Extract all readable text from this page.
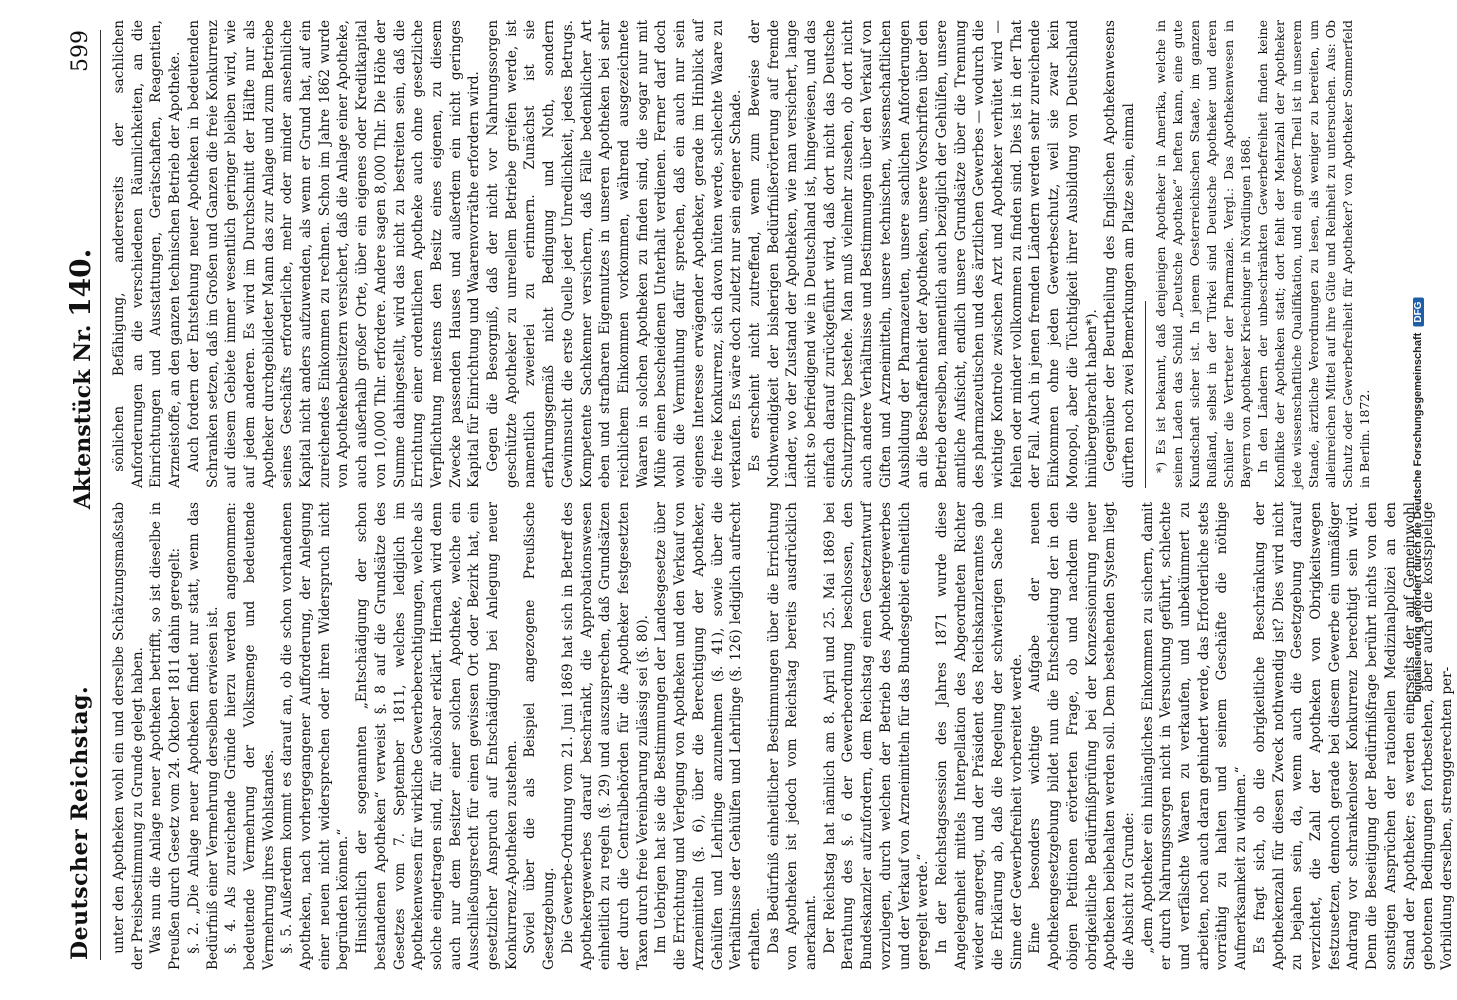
Deutscher Reichstag.
Aktenstück Nr. 140.
599

unter den Apotheken wohl ein und derselbe Schätzungsmaßstab der Preisbestimmung zu Grunde gelegt haben. Was nun die Anlage neuer Apotheken betrifft, so ist dieselbe in Preußen durch Gesetz vom 24. Oktober 1811 dahin geregelt: §. 2. „Die Anlage neuer Apotheken findet nur statt, wenn das Bedürfniß einer Vermehrung derselben erwiesen ist. §. 4. Als zureichende Gründe hierzu werden angenommen: bedeutende Vermehrung der Volksmenge und bedeutende Vermehrung ihres Wohlstandes. §. 5. Außerdem kommt es darauf an, ob die schon vorhandenen Apotheken, nach vorhergegangener Aufforderung, der Anlegung einer neuen nicht widersprechen oder ihren Widerspruch nicht begründen können.“ Hinsichtlich der sogenannten „Entschädigung der schon bestandenen Apotheken“ verweist §. 8 auf die Grundsätze des Gesetzes vom 7. September 1811, welches lediglich im Apothekenwesen für wirkliche Gewerbeberechtigungen, welche als solche eingetragen sind, für ablösbar erklärt. Hiernach wird denn auch nur dem Besitzer einer solchen Apotheke, welche ein Ausschließungsrecht für einen gewissen Ort oder Bezirk hat, ein gesetzlicher Anspruch auf Entschädigung bei Anlegung neuer Konkurrenz-Apotheken zustehen. Soviel über die als Beispiel angezogene Preußische Gesetzgebung. Die Gewerbe-Ordnung vom 21. Juni 1869 hat sich in Betreff des Apothekergewerbes darauf beschränkt, die Approbationswesen einheitlich zu regeln (§. 29) und auszusprechen, daß Grundsätzen der durch die Centralbehörden für die Apotheker festgesetzten Taxen durch freie Vereinbarung zulässig sei (§. 80). Im Uebrigen hat sie die Bestimmungen der Landesgesetze über die Errichtung und Verlegung von Apotheken und den Verkauf von Arzneimitteln (§. 6), über die Berechtigung der Apotheker, Gehülfen und Lehrlinge anzunehmen (§. 41), sowie über die Verhältnisse der Gehülfen und Lehrlinge (§. 126) lediglich aufrecht erhalten. Das Bedürfniß einheitlicher Bestimmungen über die Errichtung von Apotheken ist jedoch vom Reichstag bereits ausdrücklich anerkannt. Der Reichstag hat nämlich am 8. April und 25. Mai 1869 bei Berathung des §. 6 der Gewerbeordnung beschlossen, den Bundeskanzler aufzufordern, dem Reichstag einen Gesetzentwurf vorzulegen, durch welchen der Betrieb des Apothekergewerbes und der Verkauf von Arzneimitteln für das Bundesgebiet einheitlich geregelt werde.“ In der Reichstagssession des Jahres 1871 wurde diese Angelegenheit mittels Interpellation des Abgeordneten Richter wieder angeregt, und der Präsident des Reichskanzleramtes gab die Erklärung ab, daß die Regelung der schwierigen Sache im Sinne der Gewerbefreiheit vorbereitet werde. Eine besonders wichtige Aufgabe der neuen Apothekengesetzgebung bildet nun die Entscheidung der in den obigen Petitionen erörterten Frage, ob und nachdem die obrigkeitliche Bedürfnißprüfung bei der Konzessionirung neuer Apotheken beibehalten werden soll. Dem bestehenden System liegt die Absicht zu Grunde: „dem Apotheker ein hinlängliches Einkommen zu sichern, damit er durch Nahrungssorgen nicht in Versuchung geführt, schlechte und verfälschte Waaren zu verkaufen, und unbekümmert zu arbeiten, noch auch daran gehindert werde, das Erforderliche stets vorräthig zu halten und seinem Geschäfte die nöthige Aufmerksamkeit zu widmen.“ Es fragt sich, ob die obrigkeitliche Beschränkung der Apothekenzahl für diesen Zweck nothwendig ist? Dies wird nicht zu bejahen sein, da, wenn auch die Gesetzgebung darauf verzichtet, die Zahl der Apotheken von Obrigkeitswegen festzusetzen, dennoch gerade bei diesem Gewerbe ein unmäßiger Andrang vor schrankenloser Konkurrenz berechtigt sein wird. Denn die Beseitigung der Bedürfnißfrage berührt nichts von den sonstigen Ansprüchen der rationellen Medizinalpolizei an den Stand der Apotheker; es werden einerseits der auf Gemeinwohl gebotenen Bedingungen fortbestehen, aber auch die kostspielige Vorbildung derselben, strenggerechten per-

sönlichen Befähigung, andererseits der sachlichen Anforderungen an die verschiedenen Räumlichkeiten, an die Einrichtungen und Ausstattungen, Gerätschaften, Reagentien, Arzneistoffe, an den ganzen technischen Betrieb der Apotheke. Auch fordern der Entstehung neuer Apotheken in bedeutenden Schranken setzen, daß im Großen und Ganzen die freie Konkurrenz auf diesem Gebiete immer wesentlich geringer bleiben wird, wie auf jedem anderen. Es wird im Durchschnitt der Hälfte nur als Apotheker durchgebildeter Mann das zur Anlage und zum Betriebe seines Geschäfts erforderliche, mehr oder minder ansehnliche Kapital nicht anders aufzuwenden, als wenn er Grund hat, auf ein zureichendes Einkommen zu rechnen. Schon im Jahre 1862 wurde von Apothekenbesitzern versichert, daß die Anlage einer Apotheke, auch außerhalb großer Orte, über ein eigenes oder Kreditkapital von 10,000 Thlr. erfordere. Andere sagen 8,000 Thlr. Die Höhe der Summe dahingestellt, wird das nicht zu bestreiten sein, daß die Errichtung einer ordentlichen Apotheke auch ohne gesetzliche Verpflichtung meistens den Besitz eines eigenen, zu diesem Zwecke passenden Hauses und außerdem ein nicht geringes Kapital für Einrichtung und Waarenvorräthe erfordern wird. Gegen die Besorgniß, daß der nicht vor Nahrungssorgen geschützte Apotheker zu unreellem Betriebe greifen werde, ist namentlich zweierlei zu erinnern. Zunächst ist sie erfahrungsgemäß nicht Bedingung und Noth, sondern Gewinnsucht die erste Quelle jeder Unredlichkeit, jedes Betrugs. Kompetente Sachkenner versichern, daß Fälle bedenklicher Art eben und strafbaren Eigennutzes in unseren Apotheken bei sehr reichlichem Einkommen vorkommen, während ausgezeichnete Waaren in solchen Apotheken zu finden sind, die sogar nur mit Mühe einen bescheidenen Unterhalt verdienen. Ferner darf doch wohl die Vermuthung dafür sprechen, daß ein auch nur sein eigenes Interesse erwägender Apotheker, gerade im Hinblick auf die freie Konkurrenz, sich davon hüten werde, schlechte Waare zu verkaufen. Es wäre doch zuletzt nur sein eigener Schade. Es erscheint nicht zutreffend, wenn zum Beweise der Nothwendigkeit der bisherigen Bedürfnißerörterung auf fremde Länder, wo der Zustand der Apotheken, wie man versichert, lange nicht so befriedigend wie in Deutschland ist, hingewiesen, und das einfach darauf zurückgeführt wird, daß dort nicht das Deutsche Schutzprinzip bestehe. Man muß vielmehr zusehen, ob dort nicht auch andere Verhältnisse und Bestimmungen über den Verkauf von Giften und Arzneimitteln, unsere technischen, wissenschaftlichen Ausbildung der Pharmazeuten, unsere sachlichen Anforderungen an die Beschaffenheit der Apotheken, unsere Vorschriften über den Betrieb derselben, namentlich auch bezüglich der Gehülfen, unsere amtliche Aufsicht, endlich unsere Grundsätze über die Trennung des pharmazeutischen und des ärztlichen Gewerbes — wodurch die wichtige Kontrole zwischen Arzt und Apotheker verhütet wird — fehlen oder minder vollkommen zu finden sind. Dies ist in der That der Fall. Auch in jenen fremden Ländern werden sehr zureichende Einkommen ohne jeden Gewerbeschutz, weil sie zwar kein Monopol, aber die Tüchtigkeit ihrer Ausbildung von Deutschland hinübergebracht haben*). Gegenüber der Beurtheilung des Englischen Apothekenwesens dürften noch zwei Bemerkungen am Platze sein, einmal *) Es ist bekannt, daß denjenigen Apotheker in Amerika, welche in seinen Laden das Schild „Deutsche Apotheke“ heften kann, eine gute Kundschaft sicher ist. In jenem Oesterreichischen Staate, im ganzen Rußland, selbst in der Türkei sind Deutsche Apotheker und deren Schüler die Vertreter der Pharmazie. Vergl.: Das Apothekenwesen in Bayern von Apotheker Kriechinger in Nördlingen 1868. In den Ländern der unbeschränkten Gewerbefreiheit finden keine Konflikte der Apotheken statt; dort fehlt der Mehrzahl der Apotheker jede wissenschaftliche Qualifikation, und ein großer Theil ist in unserem Stande, ärztliche Verordnungen zu lesen, als weniger zu bereiten, um alleinreichen Mittel auf ihre Güte und Reinheit zu untersuchen. Aus: Ob Schutz oder Gewerbefreiheit für Apotheker? von Apotheker Sommerfeld in Berlin. 1872.	Digitalisierung gefördert durch die Deutsche ForschungsgemeinschaftDFG
